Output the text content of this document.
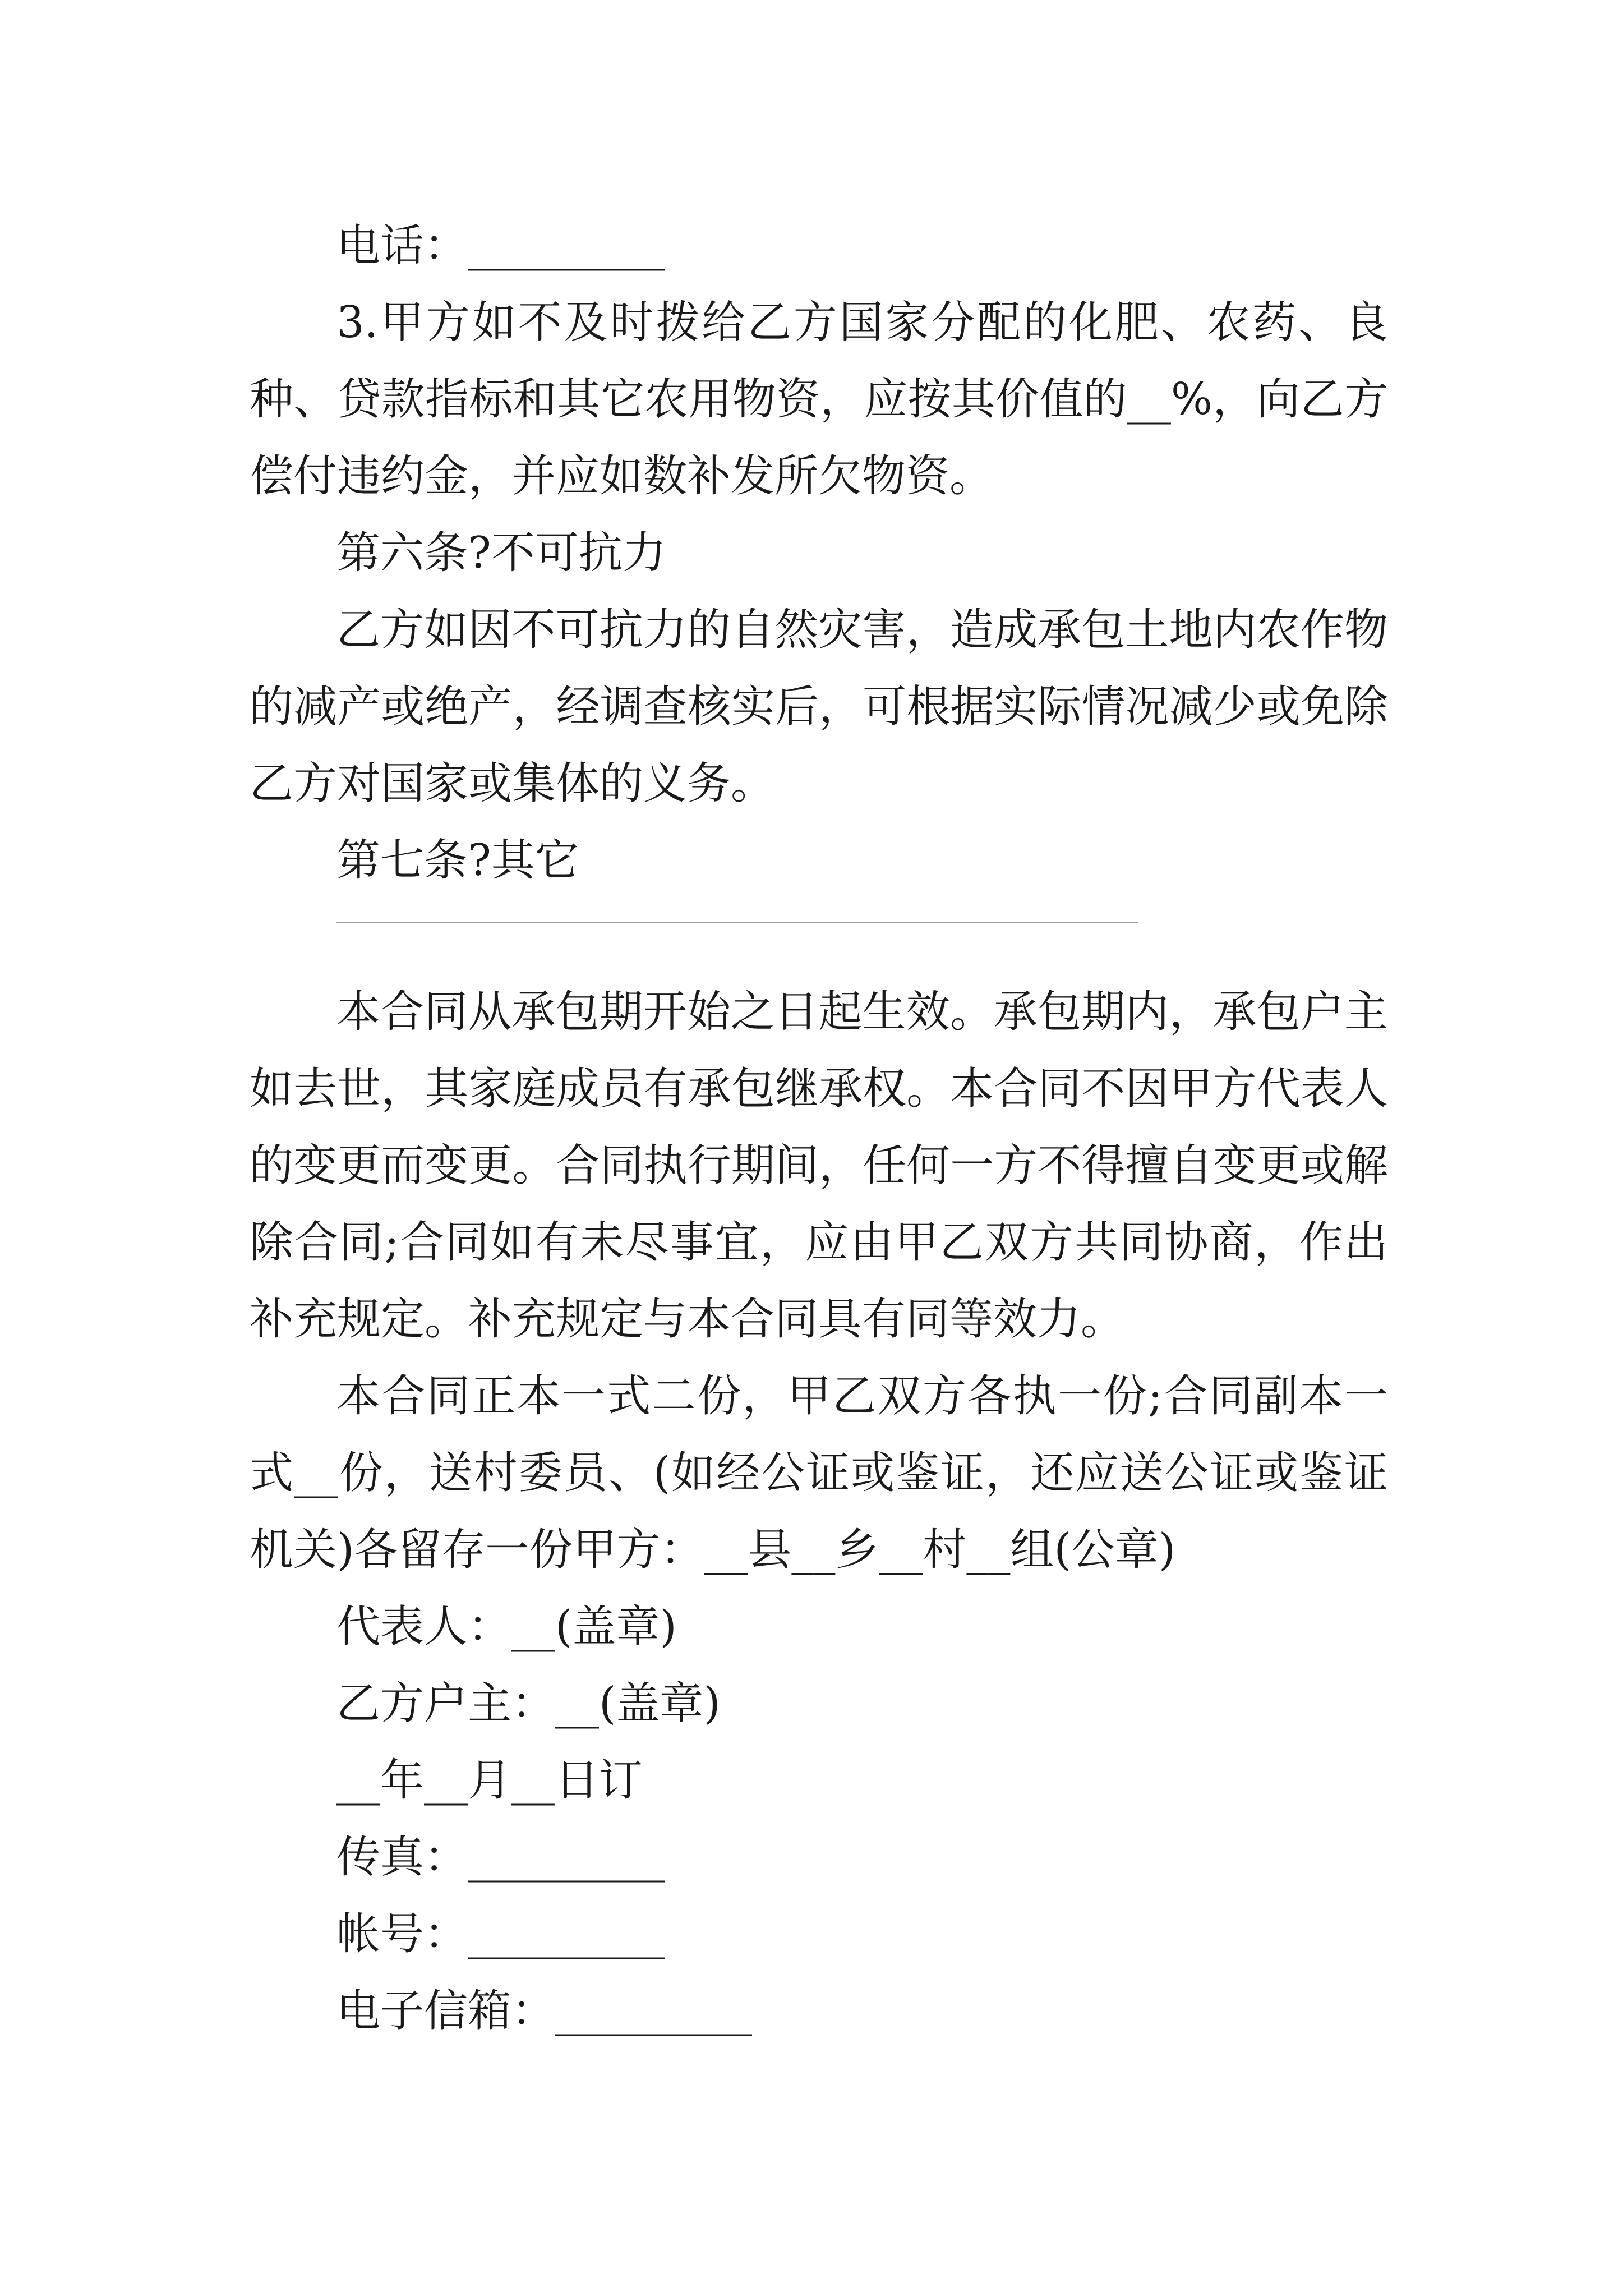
电话：_________

3.甲方如不及时拨给乙方国家分配的化肥、农药、良种、贷款指标和其它农用物资，应按其价值的__%，向乙方偿付违约金，并应如数补发所欠物资。

第六条?不可抗力

乙方如因不可抗力的自然灾害，造成承包土地内农作物的减产或绝产，经调查核实后，可根据实际情况减少或免除乙方对国家或集体的义务。

第七条?其它

本合同从承包期开始之日起生效。承包期内，承包户主如去世，其家庭成员有承包继承权。本合同不因甲方代表人的变更而变更。合同执行期间，任何一方不得擅自变更或解除合同;合同如有未尽事宜，应由甲乙双方共同协商，作出补充规定。补充规定与本合同具有同等效力。

本合同正本一式二份，甲乙双方各执一份;合同副本一式__份，送村委员、(如经公证或鉴证，还应送公证或鉴证机关)各留存一份甲方：__县__乡__村__组(公章)

代表人：__(盖章)

乙方户主：__(盖章)

__年__月__日订

传真：_________

帐号：_________

电子信箱：_________
